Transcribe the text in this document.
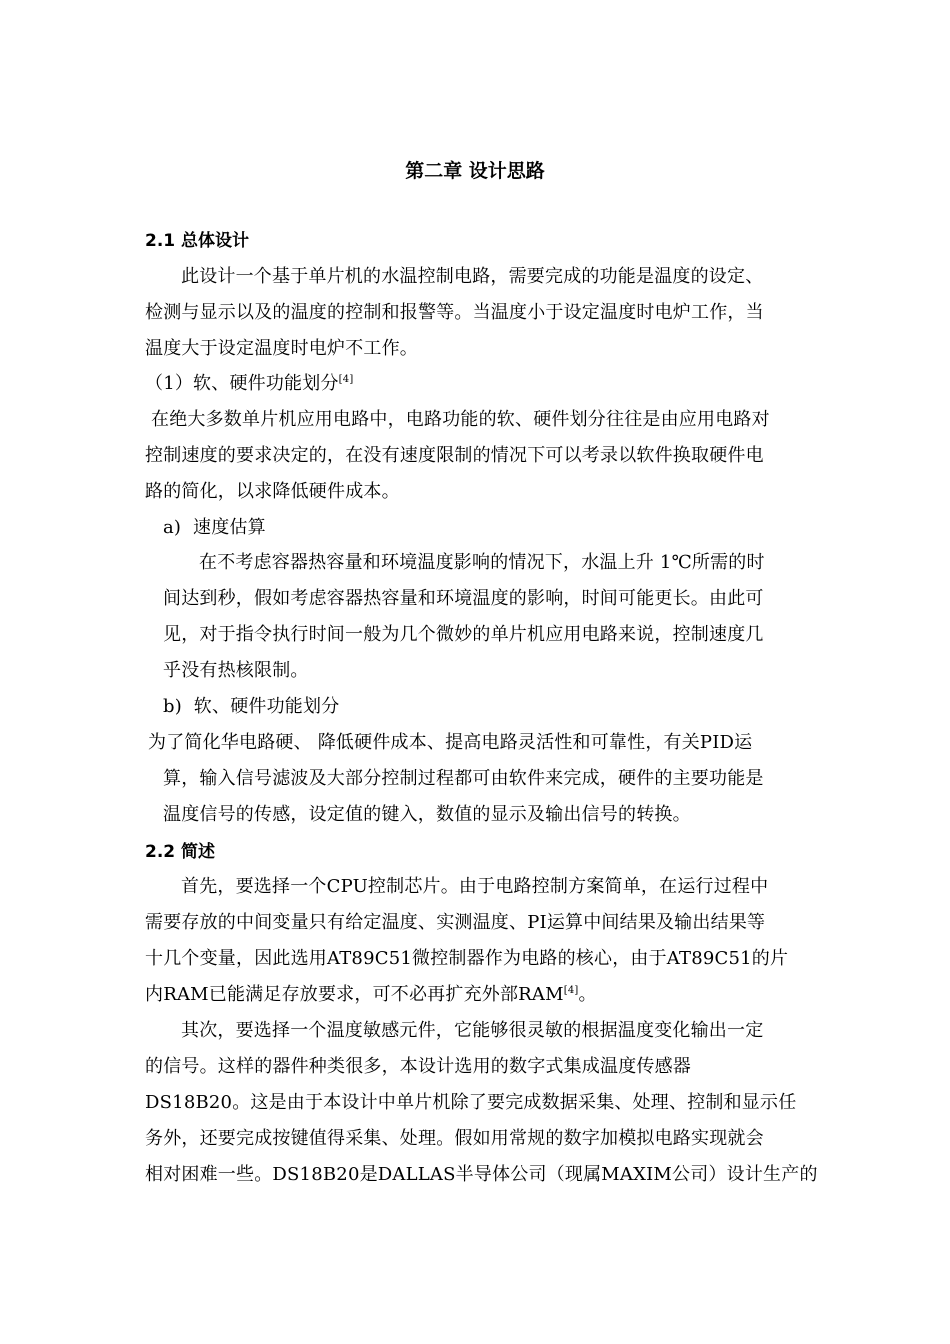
第二章 设计思路
2.1 总体设计
此设计一个基于单片机的水温控制电路，需要完成的功能是温度的设定、
检测与显示以及的温度的控制和报警等。当温度小于设定温度时电炉工作，当
温度大于设定温度时电炉不工作。
（1）软、硬件功能划分[4]
在绝大多数单片机应用电路中，电路功能的软、硬件划分往往是由应用电路对
控制速度的要求决定的，在没有速度限制的情况下可以考录以软件换取硬件电
路的简化，以求降低硬件成本。
a)  速度估算
在不考虑容器热容量和环境温度影响的情况下，水温上升 1℃所需的时
间达到秒，假如考虑容器热容量和环境温度的影响，时间可能更长。由此可
见，对于指令执行时间一般为几个微妙的单片机应用电路来说，控制速度几
乎没有热核限制。
b)  软、硬件功能划分
为了简化华电路硬、 降低硬件成本、提高电路灵活性和可靠性，有关PID运
算，输入信号滤波及大部分控制过程都可由软件来完成，硬件的主要功能是
温度信号的传感，设定值的键入，数值的显示及输出信号的转换。
2.2 简述
首先，要选择一个CPU控制芯片。由于电路控制方案简单，在运行过程中
需要存放的中间变量只有给定温度、实测温度、PI运算中间结果及输出结果等
十几个变量，因此选用AT89C51微控制器作为电路的核心，由于AT89C51的片
内RAM已能满足存放要求，可不必再扩充外部RAM[4]。
其次，要选择一个温度敏感元件，它能够很灵敏的根据温度变化输出一定
的信号。这样的器件种类很多，本设计选用的数字式集成温度传感器
DS18B20。这是由于本设计中单片机除了要完成数据采集、处理、控制和显示任
务外，还要完成按键值得采集、处理。假如用常规的数字加模拟电路实现就会
相对困难一些。DS18B20是DALLAS半导体公司（现属MAXIM公司）设计生产的
